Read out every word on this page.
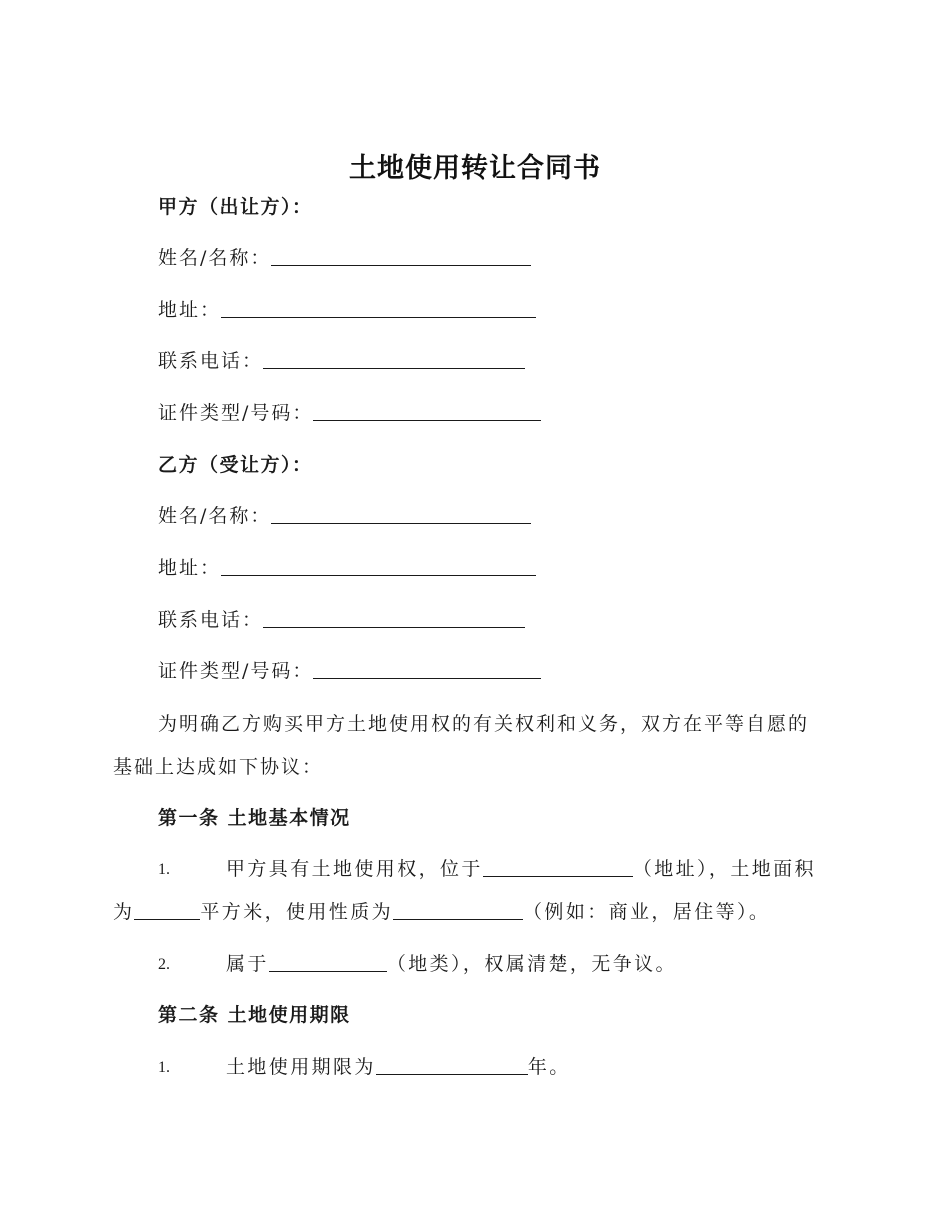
土地使用转让合同书
甲方（出让方）：
姓名/名称：
地址：
联系电话：
证件类型/号码：
乙方（受让方）：
姓名/名称：
地址：
联系电话：
证件类型/号码：
为明确乙方购买甲方土地使用权的有关权利和义务，双方在平等自愿的
基础上达成如下协议：
第一条 土地基本情况
1.	甲方具有土地使用权，位于	（地址），土地面积
为	平方米，使用性质为	（例如：商业，居住等）。
2.	属于	（地类），权属清楚，无争议。
第二条 土地使用期限
1.	土地使用期限为	年。
